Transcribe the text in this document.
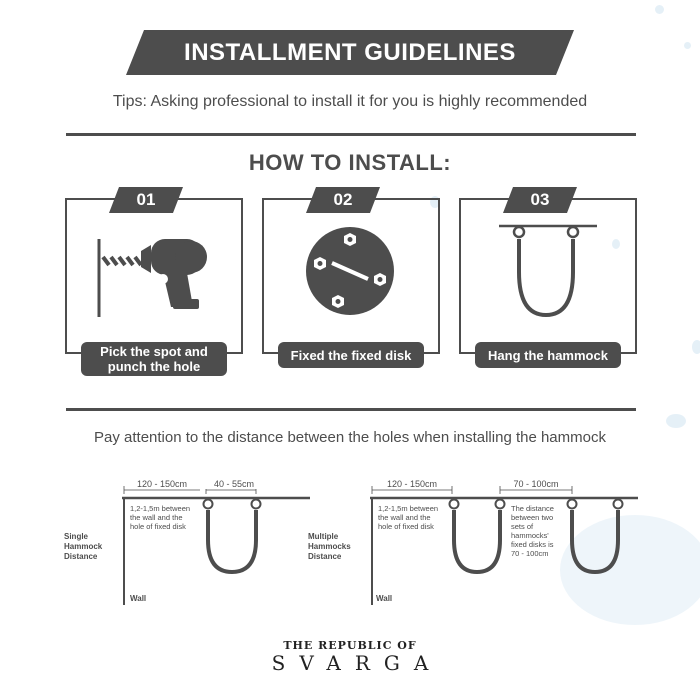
INSTALLMENT GUIDELINES
Tips: Asking professional to install it for you is highly recommended
HOW TO INSTALL:
01
Pick the spot and punch the hole
02
Fixed the fixed disk
03
Hang the hammock
Pay attention to the distance between the holes when installing the hammock
120 - 150cm	40 - 55cm
1,2-1,5m between
the wall and the
hole of fixed disk
Single
Hammock
Distance
Wall
120 - 150cm	70 - 100cm
1,2-1,5m between
the wall and the
hole of fixed disk
The distance
between two
sets of
hammocks'
fixed disks is
70 - 100cm
Multiple
Hammocks
Distance
Wall
THE REPUBLIC OF
SVARGA
